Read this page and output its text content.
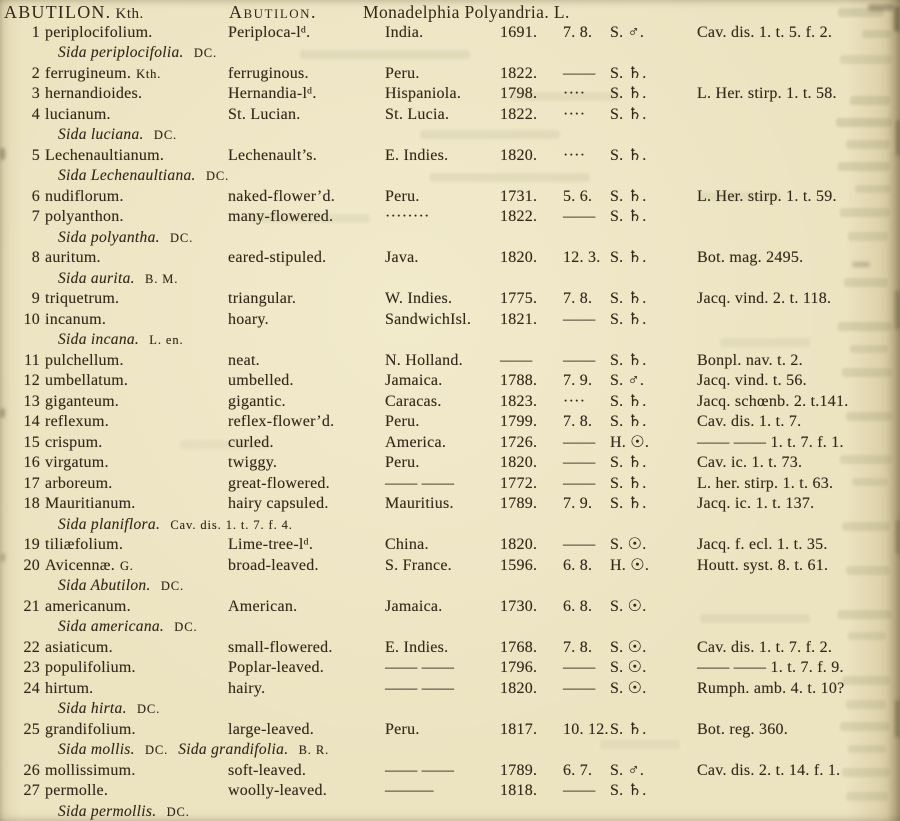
ABUTILON. Kth.	Abutilon.	Monadelphia Polyandria. L.
1 periplocifolium.	Periploca-lᵈ.	India.	1691.	7. 8.	S. ♂.	Cav. dis. 1. t. 5. f. 2.
Sida periplocifolia. DC.
2 ferrugineum. Kth.	ferruginous.	Peru.	1822.	—— S. ♄.
3 hernandioides.	Hernandia-lᵈ.	Hispaniola.	1798.	····	S. ♄.	L. Her. stirp. 1. t. 58.
4 lucianum.	St. Lucian.	St. Lucia.	1822.	····	S. ♄.
Sida luciana. DC.
5 Lechenaultianum.	Lechenault’s.	E. Indies.	1820.	····	S. ♄.
Sida Lechenaultiana. DC.
6 nudiflorum.	naked-flower’d.	Peru.	1731.	5. 6.	S. ♄.	L. Her. stirp. 1. t. 59.
7 polyanthon.	many-flowered.	········	1822.	—— S. ♄.
Sida polyantha. DC.
8 auritum.	eared-stipuled.	Java.	1820.	12. 3. S. ♄.	Bot. mag. 2495.
Sida aurita. B. M.
9 triquetrum.	triangular.	W. Indies.	1775.	7. 8.	S. ♄.	Jacq. vind. 2. t. 118.
10 incanum.	hoary.	SandwichIsl.	1821.	—— S. ♄.
Sida incana. L. en.
11 pulchellum.	neat.	N. Holland.	——	—— S. ♄.	Bonpl. nav. t. 2.
12 umbellatum.	umbelled.	Jamaica.	1788.	7. 9.	S. ♂.	Jacq. vind. t. 56.
13 giganteum.	gigantic.	Caracas.	1823.	····	S. ♄.	Jacq. schœnb. 2. t.141.
14 reflexum.	reflex-flower’d.	Peru.	1799.	7. 8.	S. ♄.	Cav. dis. 1. t. 7.
15 crispum.	curled.	America.	1726.	—— H. ☉.	—— —— 1. t. 7. f. 1.
16 virgatum.	twiggy.	Peru.	1820.	—— S. ♄.	Cav. ic. 1. t. 73.
17 arboreum.	great-flowered.	—— ——	1772.	—— S. ♄.	L. her. stirp. 1. t. 63.
18 Mauritianum.	hairy capsuled.	Mauritius.	1789.	7. 9.	S. ♄.	Jacq. ic. 1. t. 137.
Sida planiflora. Cav. dis. 1. t. 7. f. 4.
19 tiliæfolium.	Lime-tree-lᵈ.	China.	1820.	—— S. ☉.	Jacq. f. ecl. 1. t. 35.
20 Avicennæ. G.	broad-leaved.	S. France.	1596.	6. 8.	H. ☉.	Houtt. syst. 8. t. 61.
Sida Abutilon. DC.
21 americanum.	American.	Jamaica.	1730.	6. 8.	S. ☉.
Sida americana. DC.
22 asiaticum.	small-flowered.	E. Indies.	1768.	7. 8.	S. ☉.	Cav. dis. 1. t. 7. f. 2.
23 populifolium.	Poplar-leaved.	—— ——	1796.	—— S. ☉.	—— —— 1. t. 7. f. 9.
24 hirtum.	hairy.	—— ——	1820.	—— S. ☉.	Rumph. amb. 4. t. 10?
Sida hirta. DC.
25 grandifolium.	large-leaved.	Peru.	1817.	10. 12. S. ♄.	Bot. reg. 360.
Sida mollis. DC. Sida grandifolia. B. R.
26 mollissimum.	soft-leaved.	—— ——	1789.	6. 7.	S. ♂.	Cav. dis. 2. t. 14. f. 1.
27 permolle.	woolly-leaved.	———	1818.	—— S. ♄.
Sida permollis. DC.
